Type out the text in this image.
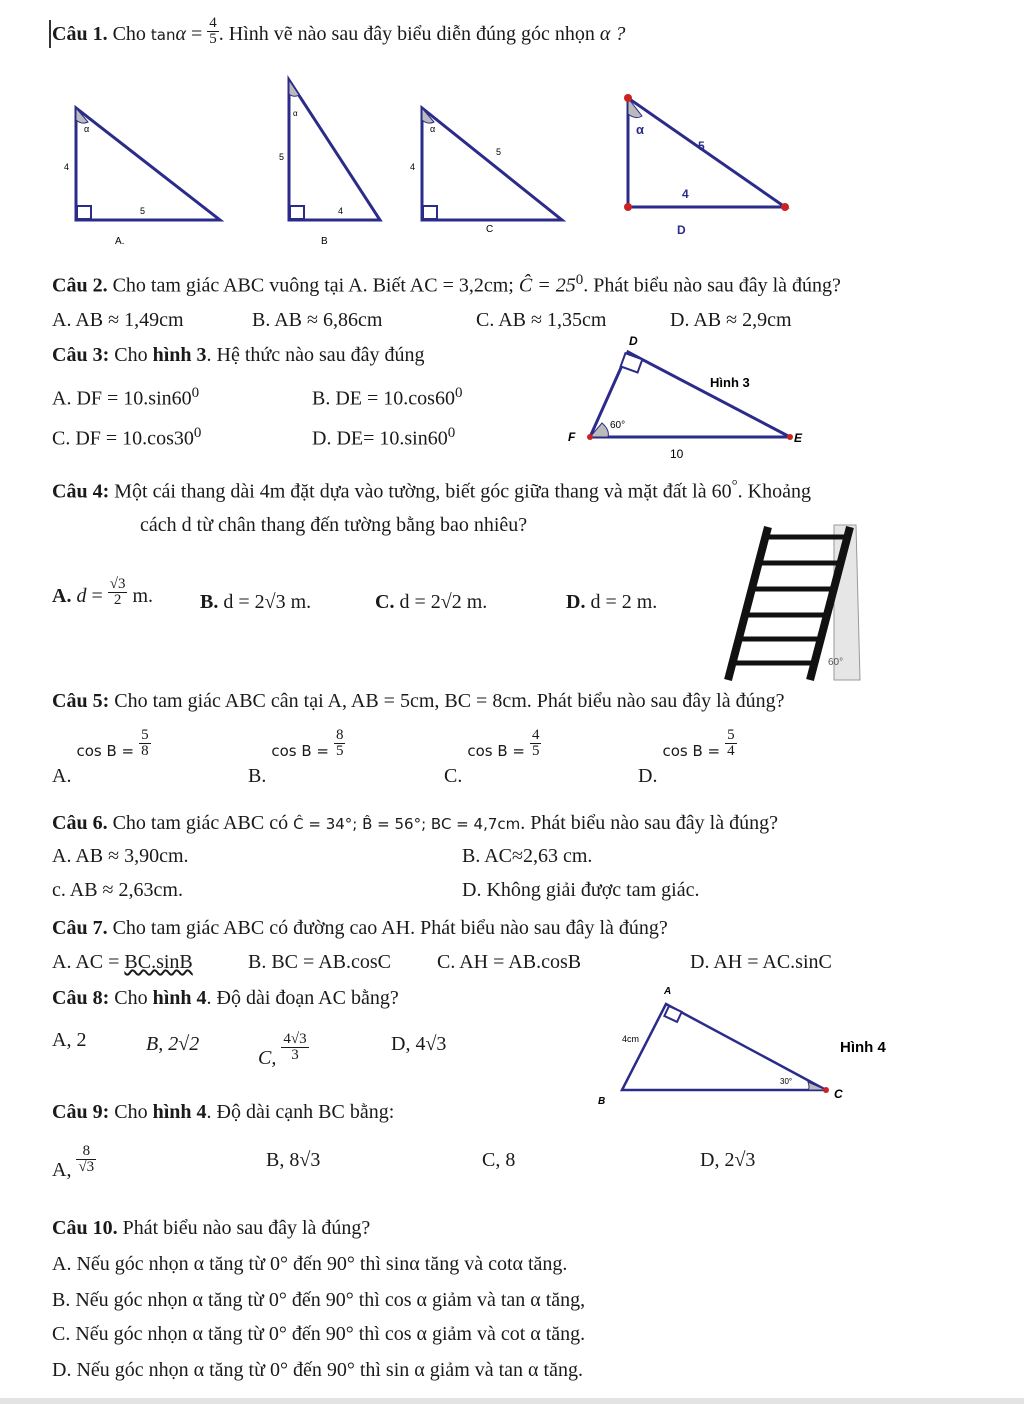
Câu 1. Cho $\tan\alpha = \frac{4}{5}$ . Hình vẽ nào sau đây biểu diễn đúng góc nhọn α ?
α
4
5
A.
α
5
4
B
α
4
5
C
α
5
4
D
Câu 2. Cho tam giác ABC vuông tại A. Biết AC = 3,2cm; Ĉ = $25^0$. Phát biểu nào sau đây là đúng?
A. AB ≈ 1,49cm	B. AB ≈ 6,86cm	C. AB ≈ 1,35cm	D. AB ≈ 2,9cm
Câu 3: Cho hình 3. Hệ thức nào sau đây đúng
A. DF = $10.\sin 60^0$	B. DE = $10.\cos 60^0$
C. DF = $10.\cos 30^0$	D. $DE= 10.\sin 60^0$
D
Hình 3
F	E
60°
10
Câu 4: Một cái thang dài 4m đặt dựa vào tường, biết góc giữa thang và mặt đất là 60°. Khoảng
cách d từ chân thang đến tường bằng bao nhiêu?
A. $d = \frac{√3}{2} m$. B. d = 2√3 m.	C. d = 2√2 m.	D. d = 2 m.
60°
Câu 5: Cho tam giác ABC cân tại A, AB = 5cm, BC = 8cm. Phát biểu nào sau đây là đúng?
A. $_{cos B =} \frac{5}{8}$
B. $_{cos B =} \frac{8}{5}$
C. $_{cos B =} \frac{4}{5}$
D. $_{cos B =} \frac{5}{4}$
Câu 6. Cho tam giác ABC có Ĉ = 34°; B̂ = 56°; BC = 4,7cm. Phát biểu nào sau đây là đúng?
A. AB ≈ 3,90cm.	B. AC≈2,63 cm.
c. AB ≈ 2,63cm.	D. Không giải được tam giác.
Câu 7. Cho tam giác ABC có đường cao AH. Phát biểu nào sau đây là đúng?
A. AC = BC.sinB	B. BC = AB.cosC C. AH = AB.cosB	D. AH = AC.sinC
Câu 8: Cho hình 4. Độ dài đoạn AC bằng?
A, 2	B, 2√2
C, $\frac{4√3}{3}$	D, 4√3
A
B
C
4cm
30°
Hình 4
Câu 9: Cho hình 4. Độ dài cạnh BC bằng:
A, $\frac{8}{√3}$	B, 8√3	C, 8	D, 2√3
Câu 10. Phát biểu nào sau đây là đúng?
A. Nếu góc nhọn α tăng từ 0° đến 90° thì sinα tăng và cotα tăng.
B. Nếu góc nhọn α tăng từ 0° đến 90° thì cos α giảm và tan α tăng,
C. Nếu góc nhọn α tăng từ 0° đến 90° thì cos α giảm và cot α tăng.
D. Nếu góc nhọn α tăng từ 0° đến 90° thì sin α giảm và tan α tăng.
